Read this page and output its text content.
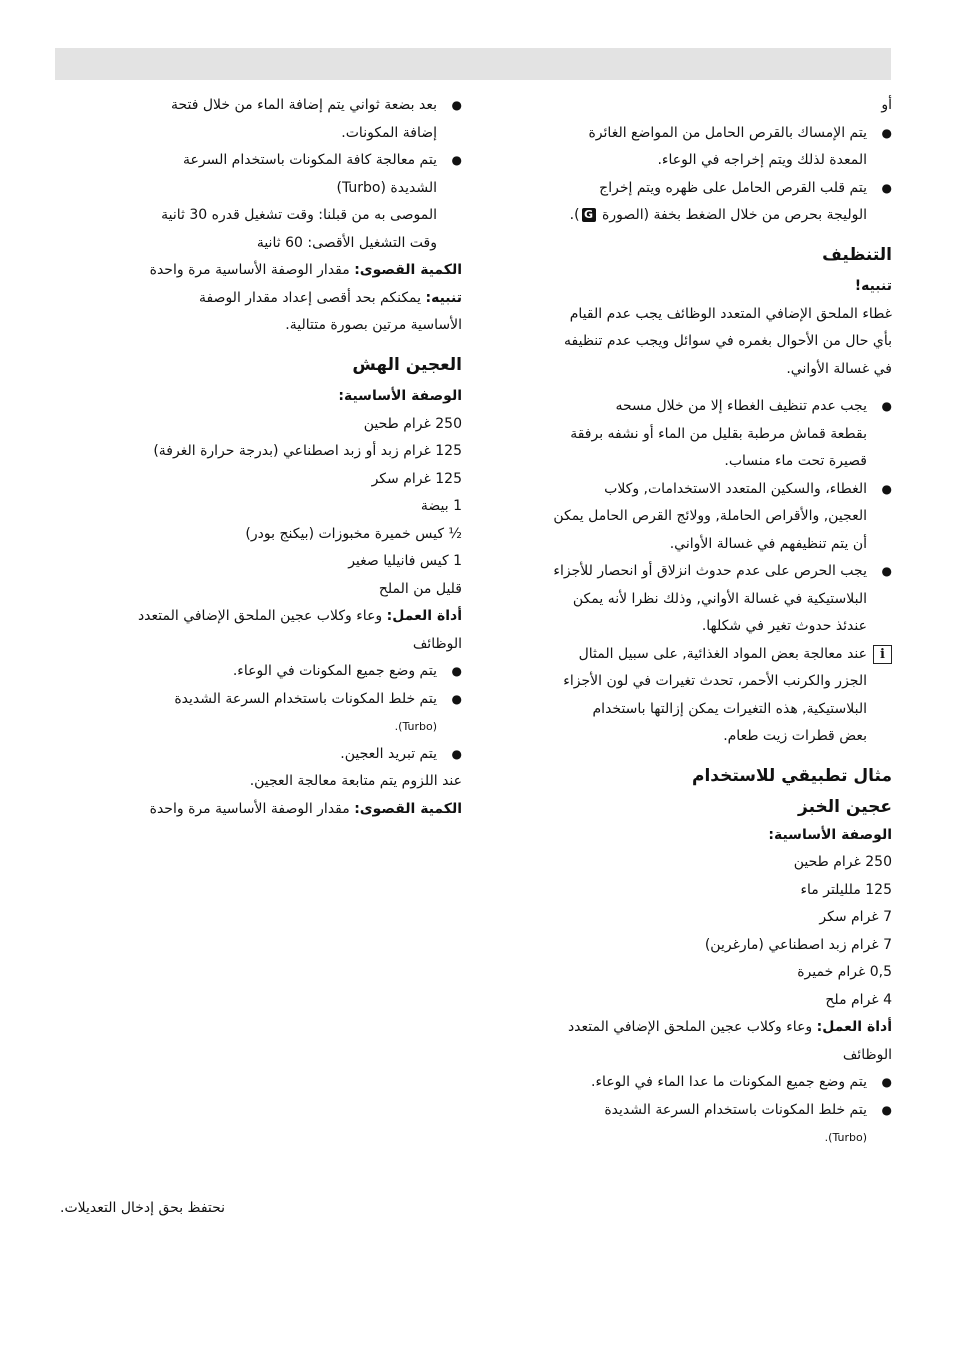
أو
●
يتم الإمساك بالقرص الحامل من المواضع الغائرة
المعدة لذلك ويتم إخراجه في الوعاء.
●
يتم قلب القرص الحامل على ظهره ويتم إخراج
الوليجة بحرص من خلال الضغط بخفة (الصورة G).
التنظيف
تنبيه!
غطاء الملحق الإضافي المتعدد الوظائف يجب عدم القيام
بأي حال من الأحوال بغمره في سوائل ويجب عدم تنظيفه
في غسالة الأواني.
●
يجب عدم تنظيف الغطاء إلا من خلال مسحه
بقطعة قماش مرطبة بقليل من الماء أو نشفه برفقة
قصيرة تحت ماء منساب.
●
الغطاء، والسكين المتعدد الاستخدامات, وكلاب
العجين, والأقراص الحاملة, وولائج القرص الحامل يمكن
أن يتم تنظيفهم في غسالة الأواني.
●
يجب الحرص على عدم حدوث انزلاق أو انحصار للأجزاء
البلاستيكية في غسالة الأواني, وذلك نظرا لأنه يمكن
عندئذ حدوث تغير في شكلها.
i
عند معالجة بعض المواد الغذائية, على سبيل المثال
الجزر والكرنب الأحمر، تحدث تغيرات في لون الأجزاء
البلاستيكية, هذه التغيرات يمكن إزالتها باستخدام
بعض قطرات زيت طعام.
مثال تطبيقي للاستخدام
عجين الخبز
الوصفة الأساسية:
250 غرام طحين
125 ملليلتر ماء
7 غرام سكر
7 غرام زبد اصطناعي (مارغرين)
0,5 غرام خميرة
4 غرام ملح
أداة العمل: وعاء وكلاب عجين الملحق الإضافي المتعدد
الوظائف
●
يتم وضع جميع المكونات ما عدا الماء في الوعاء.
●
يتم خلط المكونات باستخدام السرعة الشديدة
(Turbo).
●
بعد بضعة ثواني يتم إضافة الماء من خلال فتحة
إضافة المكونات.
●
يتم معالجة كافة المكونات باستخدام السرعة
الشديدة (Turbo)
الموصى به من قبلنا: وقت تشغيل قدره 30 ثانية
وقت التشغيل الأقصى: 60 ثانية
الكمية القصوى: مقدار الوصفة الأساسية مرة واحدة
تنبيه: يمكنكم بحد أقصى إعداد مقدار الوصفة
الأساسية مرتين بصورة متتالية.
العجين الهش
الوصفة الأساسية:
250 غرام طحين
125 غرام زبد أو زبد اصطناعي (بدرجة حرارة الغرفة)
125 غرام سكر
1 بيضة
½ كيس خميرة مخبوزات (بيكنج بودر)
1 كيس فانيليا صغير
قليل من الملح
أداة العمل: وعاء وكلاب عجين الملحق الإضافي المتعدد
الوظائف
●
يتم وضع جميع المكونات في الوعاء.
●
يتم خلط المكونات باستخدام السرعة الشديدة
(Turbo).
●
يتم تبريد العجين.
عند اللزوم يتم متابعة معالجة العجين.
الكمية القصوى: مقدار الوصفة الأساسية مرة واحدة
نحتفظ بحق إدخال التعديلات.
